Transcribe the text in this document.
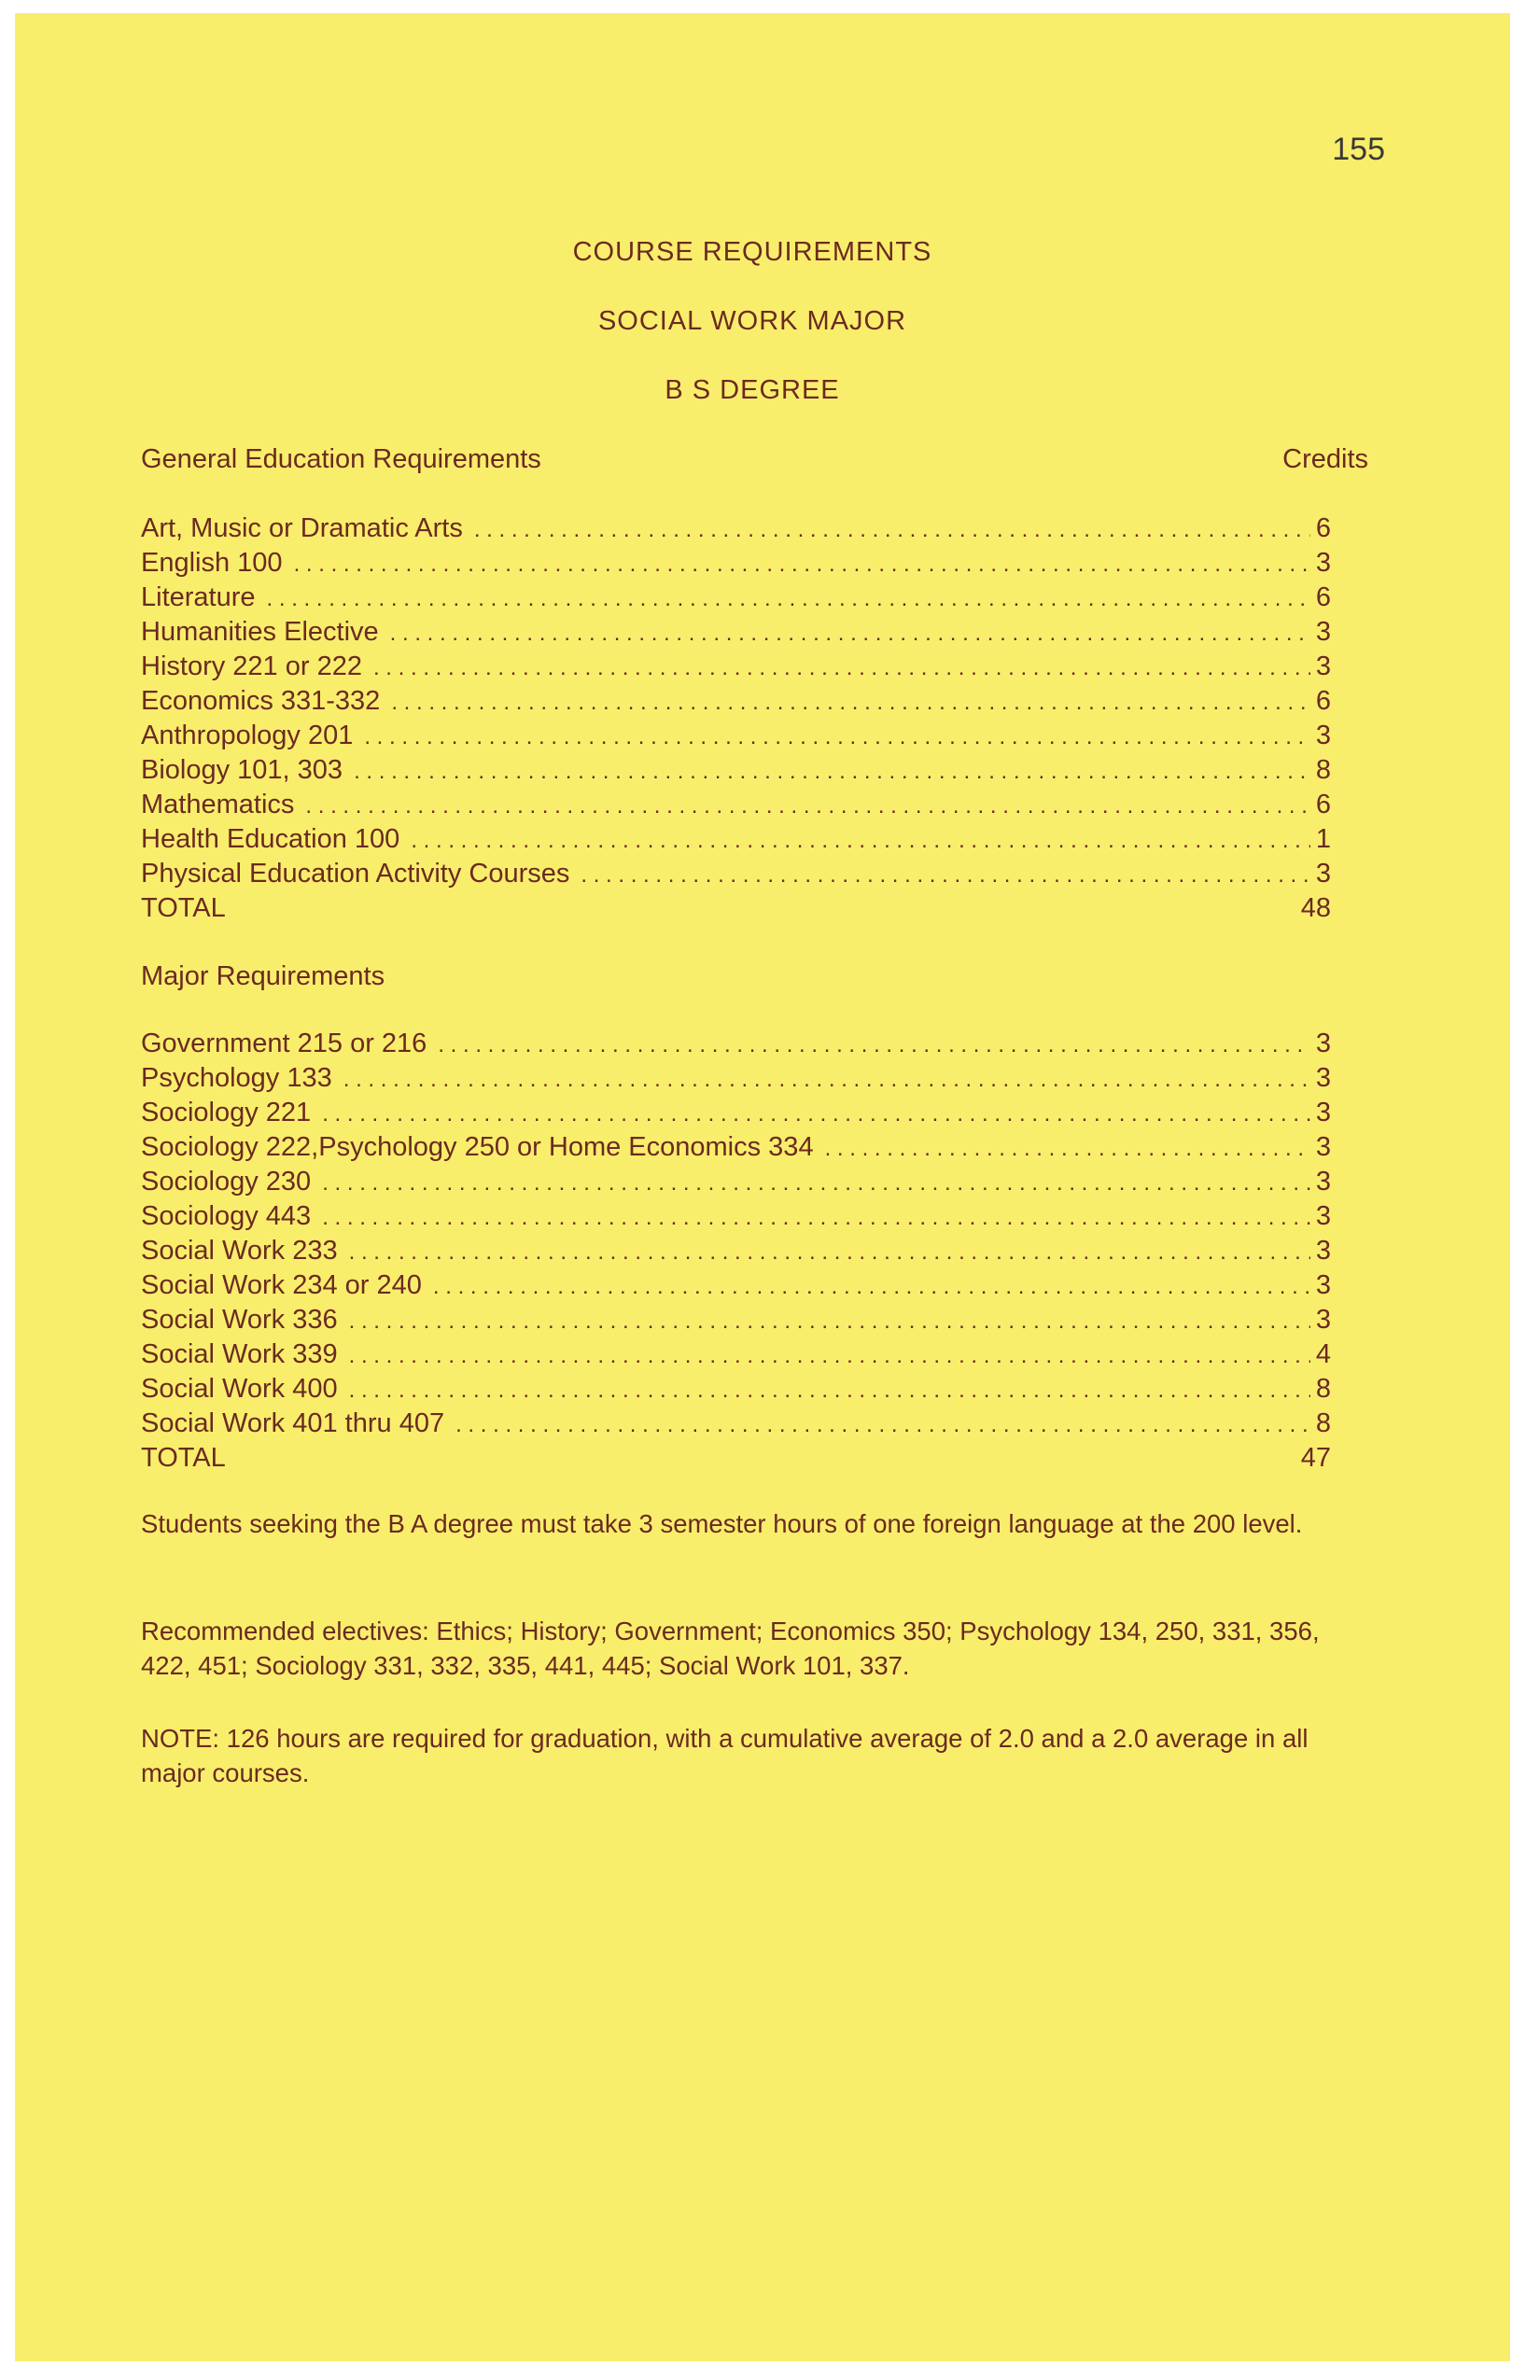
155
COURSE REQUIREMENTS
SOCIAL WORK MAJOR
B S DEGREE
General Education Requirements	Credits
Art, Music or Dramatic Arts . . .	6
English 100 . . .	3
Literature . . .	6
Humanities Elective . . .	3
History 221 or 222 . . .	3
Economics 331-332 . . .	6
Anthropology 201 . . .	3
Biology 101, 303 . . .	8
Mathematics . . .	6
Health Education 100 . . .	1
Physical Education Activity Courses . . .	3
TOTAL	48
Major Requirements
Government 215 or 216 . . .	3
Psychology 133 . . .	3
Sociology 221 . . .	3
Sociology 222,Psychology 250 or Home Economics 334 . . .	3
Sociology 230 . . .	3
Sociology 443 . . .	3
Social Work 233 . . .	3
Social Work 234 or 240 . . .	3
Social Work 336 . . .	3
Social Work 339 . . .	4
Social Work 400 . . .	8
Social Work 401 thru 407 . . .	8
TOTAL	47

Students seeking the B A degree must take 3 semester hours of one foreign language at the 200 level.

Recommended electives: Ethics; History; Government; Economics 350; Psychology 134, 250, 331, 356, 422, 451; Sociology 331, 332, 335, 441, 445; Social Work 101, 337.

NOTE: 126 hours are required for graduation, with a cumulative average of 2.0 and a 2.0 average in all major courses.
